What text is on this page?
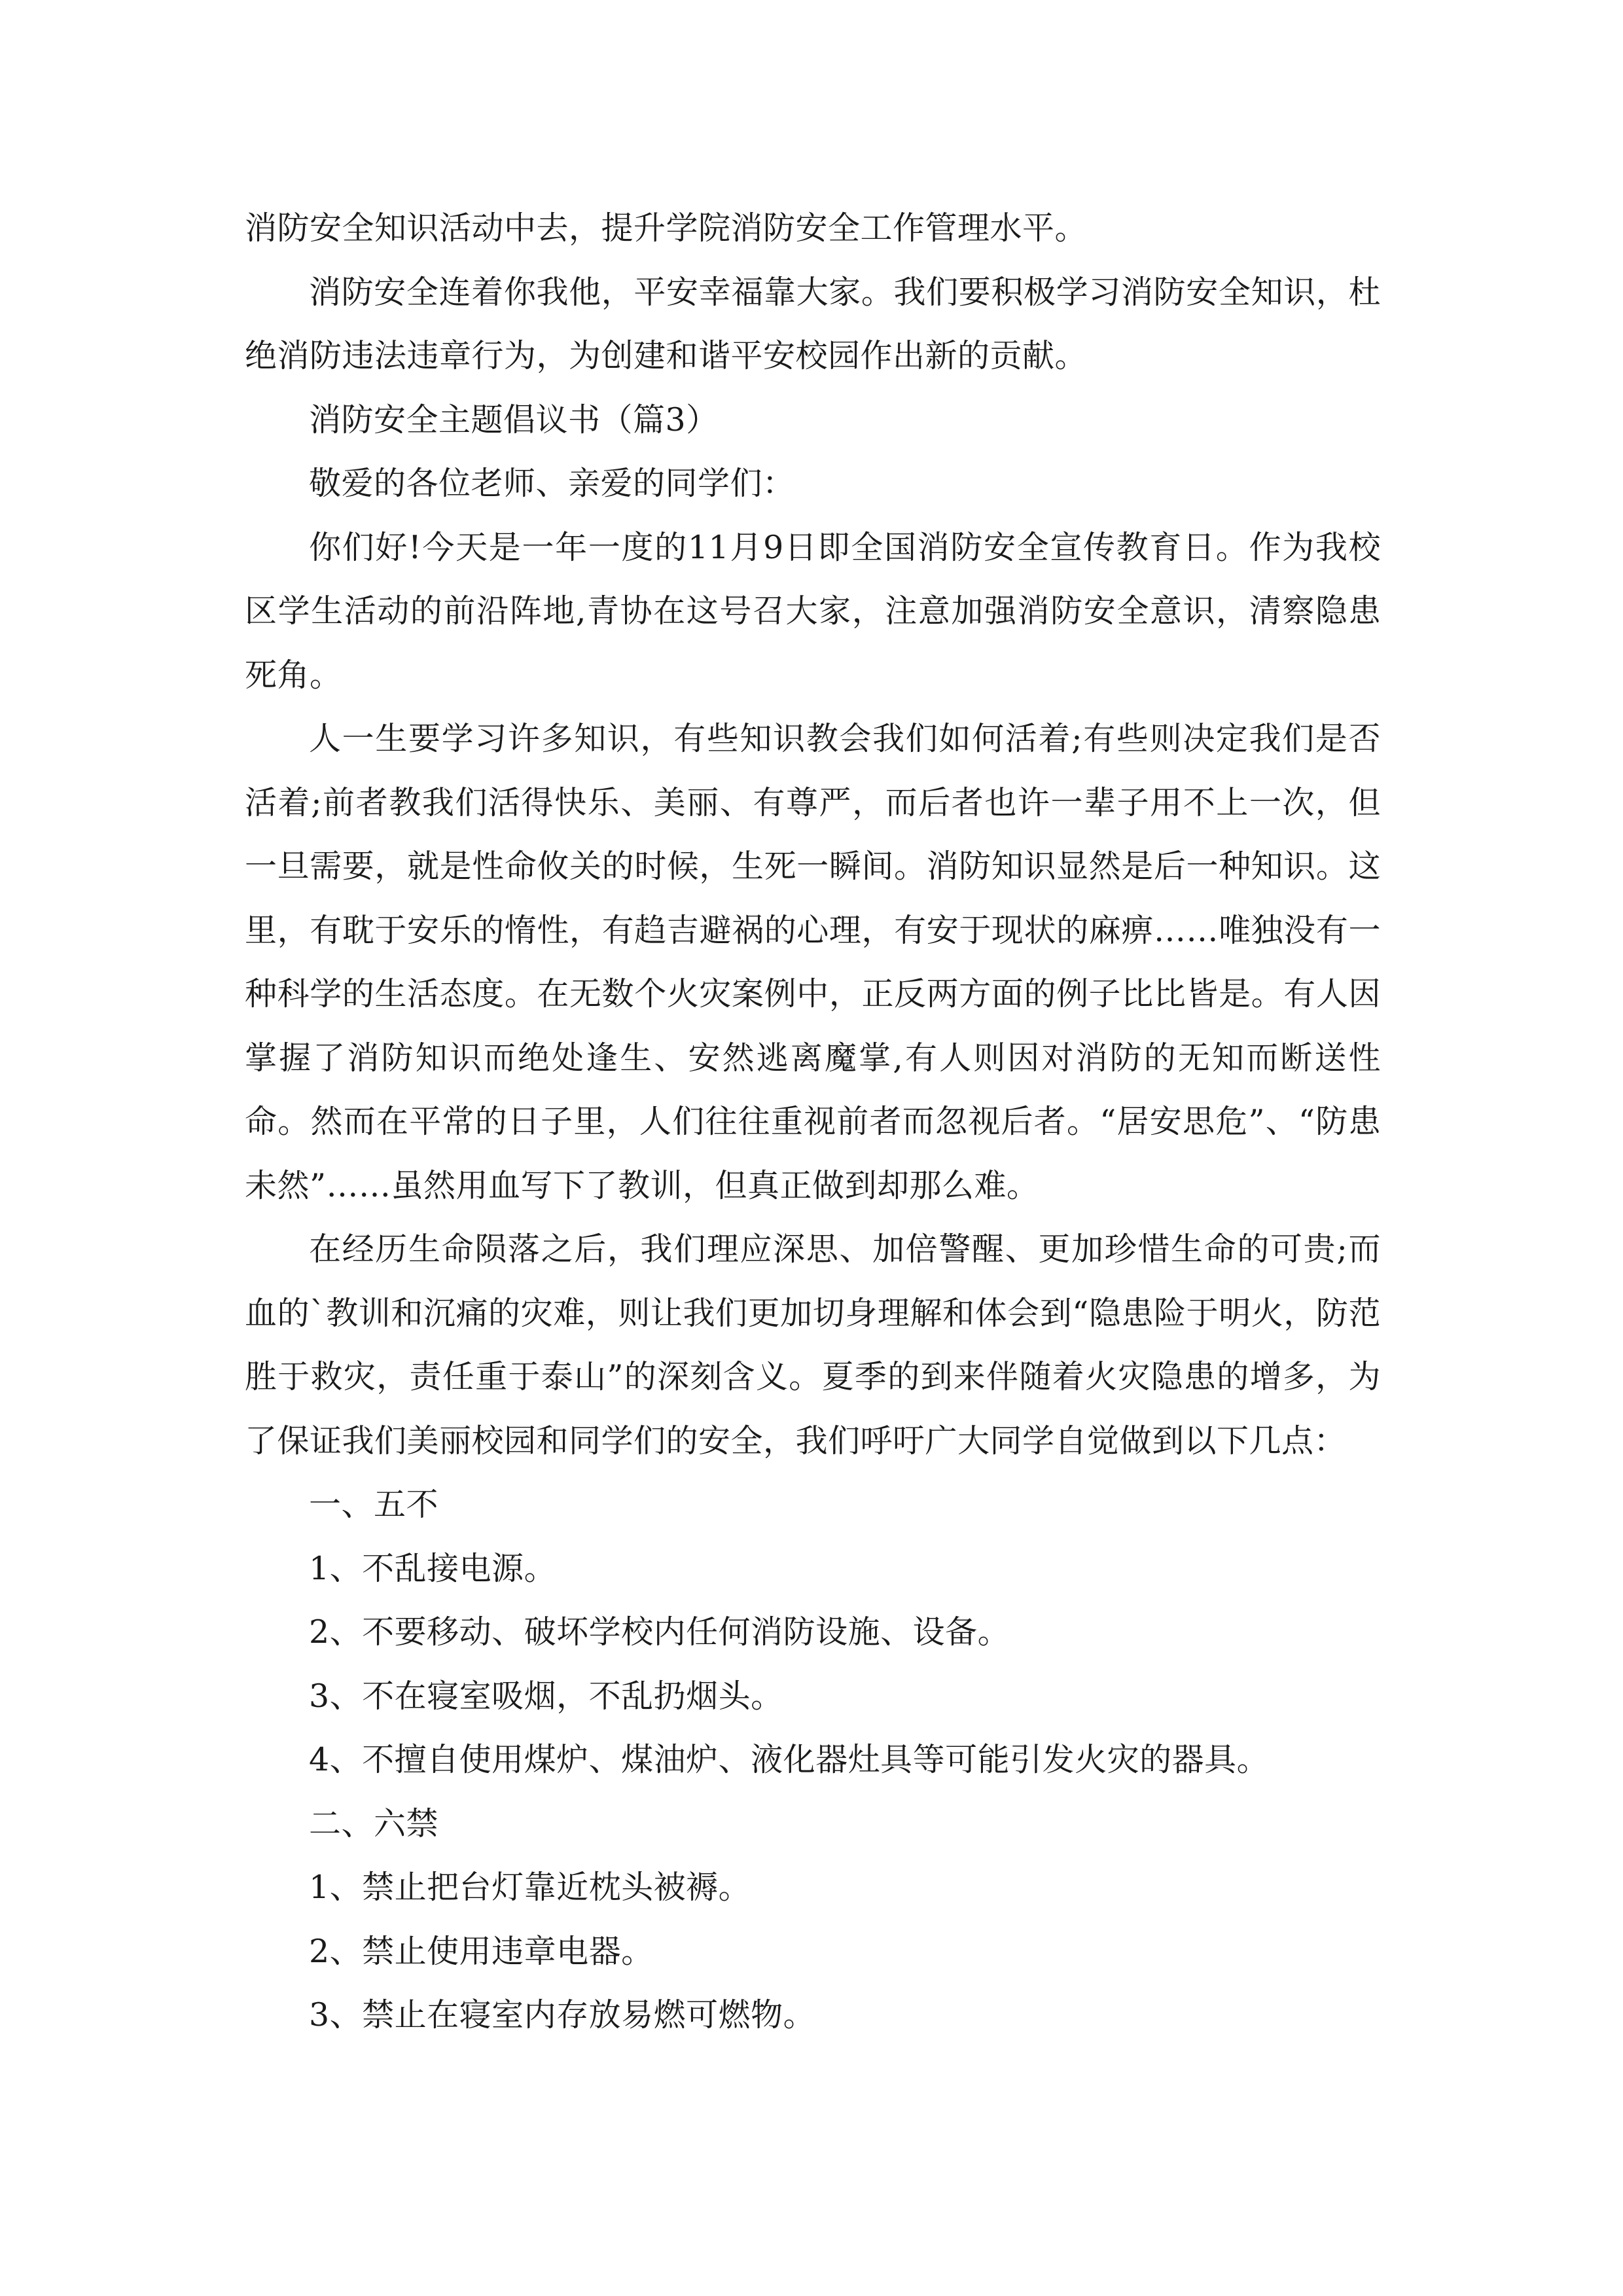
消防安全知识活动中去，提升学院消防安全工作管理水平。

消防安全连着你我他，平安幸福靠大家。我们要积极学习消防安全知识，杜绝消防违法违章行为，为创建和谐平安校园作出新的贡献。

消防安全主题倡议书（篇3）

敬爱的各位老师、亲爱的同学们：

你们好!今天是一年一度的11月9日即全国消防安全宣传教育日。作为我校区学生活动的前沿阵地,青协在这号召大家，注意加强消防安全意识，清察隐患死角。

人一生要学习许多知识，有些知识教会我们如何活着;有些则决定我们是否活着;前者教我们活得快乐、美丽、有尊严，而后者也许一辈子用不上一次，但一旦需要，就是性命攸关的时候，生死一瞬间。消防知识显然是后一种知识。这里，有耽于安乐的惰性，有趋吉避祸的心理，有安于现状的麻痹……唯独没有一种科学的生活态度。在无数个火灾案例中，正反两方面的例子比比皆是。有人因掌握了消防知识而绝处逢生、安然逃离魔掌,有人则因对消防的无知而断送性命。然而在平常的日子里，人们往往重视前者而忽视后者。“居安思危”、“防患未然”……虽然用血写下了教训，但真正做到却那么难。

在经历生命陨落之后，我们理应深思、加倍警醒、更加珍惜生命的可贵;而血的`教训和沉痛的灾难，则让我们更加切身理解和体会到“隐患险于明火，防范胜于救灾，责任重于泰山”的深刻含义。夏季的到来伴随着火灾隐患的增多，为了保证我们美丽校园和同学们的安全，我们呼吁广大同学自觉做到以下几点：

一、五不

1、不乱接电源。

2、不要移动、破坏学校内任何消防设施、设备。

3、不在寝室吸烟，不乱扔烟头。

4、不擅自使用煤炉、煤油炉、液化器灶具等可能引发火灾的器具。

二、六禁

1、禁止把台灯靠近枕头被褥。

2、禁止使用违章电器。

3、禁止在寝室内存放易燃可燃物。
